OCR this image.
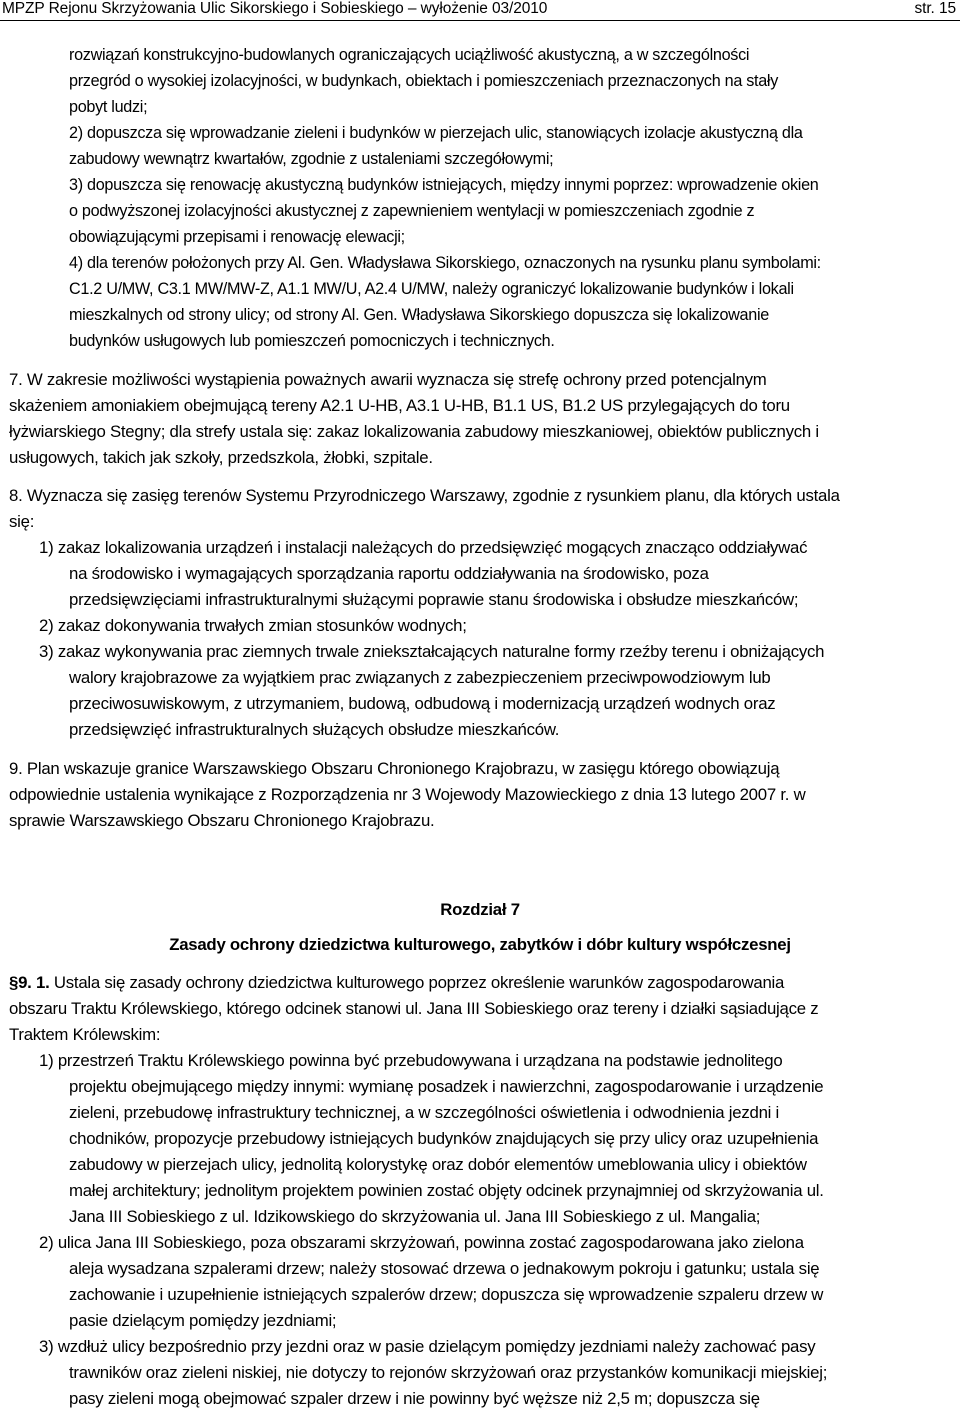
MPZP Rejonu Skrzyżowania Ulic Sikorskiego i Sobieskiego – wyłożenie 03/2010	str. 15
rozwiązań konstrukcyjno-budowlanych ograniczających uciążliwość akustyczną, a w szczególności
przegród o wysokiej izolacyjności, w budynkach, obiektach i pomieszczeniach przeznaczonych na stały
pobyt ludzi;
2) dopuszcza się wprowadzanie zieleni i budynków w pierzejach ulic, stanowiących izolacje akustyczną dla
zabudowy wewnątrz kwartałów, zgodnie z ustaleniami szczegółowymi;
3) dopuszcza się renowację akustyczną budynków istniejących, między innymi poprzez: wprowadzenie okien
o podwyższonej izolacyjności akustycznej z zapewnieniem wentylacji w pomieszczeniach zgodnie z
obowiązującymi przepisami i renowację elewacji;
4) dla terenów położonych przy Al. Gen. Władysława Sikorskiego, oznaczonych na rysunku planu symbolami:
C1.2 U/MW, C3.1 MW/MW-Z, A1.1 MW/U, A2.4 U/MW, należy ograniczyć lokalizowanie budynków i lokali
mieszkalnych od strony ulicy; od strony Al. Gen. Władysława Sikorskiego dopuszcza się lokalizowanie
budynków usługowych lub pomieszczeń pomocniczych i technicznych.
7. W zakresie możliwości wystąpienia poważnych awarii wyznacza się strefę ochrony przed potencjalnym
skażeniem amoniakiem obejmującą tereny A2.1 U-HB, A3.1 U-HB, B1.1 US, B1.2 US przylegających do toru
łyżwiarskiego Stegny; dla strefy ustala się: zakaz lokalizowania zabudowy mieszkaniowej, obiektów publicznych i
usługowych, takich jak szkoły, przedszkola, żłobki, szpitale.
8. Wyznacza się zasięg terenów Systemu Przyrodniczego Warszawy, zgodnie z rysunkiem planu, dla których ustala
się:
1) zakaz lokalizowania urządzeń i instalacji należących do przedsięwzięć mogących znacząco oddziaływać
na środowisko i wymagających sporządzania raportu oddziaływania na środowisko, poza
przedsięwzięciami infrastrukturalnymi służącymi poprawie stanu środowiska i obsłudze mieszkańców;
2) zakaz dokonywania trwałych zmian stosunków wodnych;
3) zakaz wykonywania prac ziemnych trwale zniekształcających naturalne formy rzeźby terenu i obniżających
walory krajobrazowe za wyjątkiem prac związanych z zabezpieczeniem przeciwpowodziowym lub
przeciwosuwiskowym, z utrzymaniem, budową, odbudową i modernizacją urządzeń wodnych oraz
przedsięwzięć infrastrukturalnych służących obsłudze mieszkańców.
9. Plan wskazuje granice Warszawskiego Obszaru Chronionego Krajobrazu, w zasięgu którego obowiązują
odpowiednie ustalenia wynikające z Rozporządzenia nr 3 Wojewody Mazowieckiego z dnia 13 lutego 2007 r. w
sprawie Warszawskiego Obszaru Chronionego Krajobrazu.
Rozdział 7
Zasady ochrony dziedzictwa kulturowego, zabytków i dóbr kultury współczesnej
§9. 1. Ustala się zasady ochrony dziedzictwa kulturowego poprzez określenie warunków zagospodarowania
obszaru Traktu Królewskiego, którego odcinek stanowi ul. Jana III Sobieskiego oraz tereny i działki sąsiadujące z
Traktem Królewskim:
1) przestrzeń Traktu Królewskiego powinna być przebudowywana i urządzana na podstawie jednolitego
projektu obejmującego między innymi: wymianę posadzek i nawierzchni, zagospodarowanie i urządzenie
zieleni, przebudowę infrastruktury technicznej, a w szczególności oświetlenia i odwodnienia jezdni i
chodników, propozycje przebudowy istniejących budynków znajdujących się przy ulicy oraz uzupełnienia
zabudowy w pierzejach ulicy, jednolitą kolorystykę oraz dobór elementów umeblowania ulicy i obiektów
małej architektury; jednolitym projektem powinien zostać objęty odcinek przynajmniej od skrzyżowania ul.
Jana III Sobieskiego z ul. Idzikowskiego do skrzyżowania ul. Jana III Sobieskiego z ul. Mangalia;
2) ulica Jana III Sobieskiego, poza obszarami skrzyżowań, powinna zostać zagospodarowana jako zielona
aleja wysadzana szpalerami drzew; należy stosować drzewa o jednakowym pokroju i gatunku; ustala się
zachowanie i uzupełnienie istniejących szpalerów drzew; dopuszcza się wprowadzenie szpaleru drzew w
pasie dzielącym pomiędzy jezdniami;
3) wzdłuż ulicy bezpośrednio przy jezdni oraz w pasie dzielącym pomiędzy jezdniami należy zachować pasy
trawników oraz zieleni niskiej, nie dotyczy to rejonów skrzyżowań oraz przystanków komunikacji miejskiej;
pasy zieleni mogą obejmować szpaler drzew i nie powinny być węższe niż 2,5 m; dopuszcza się
